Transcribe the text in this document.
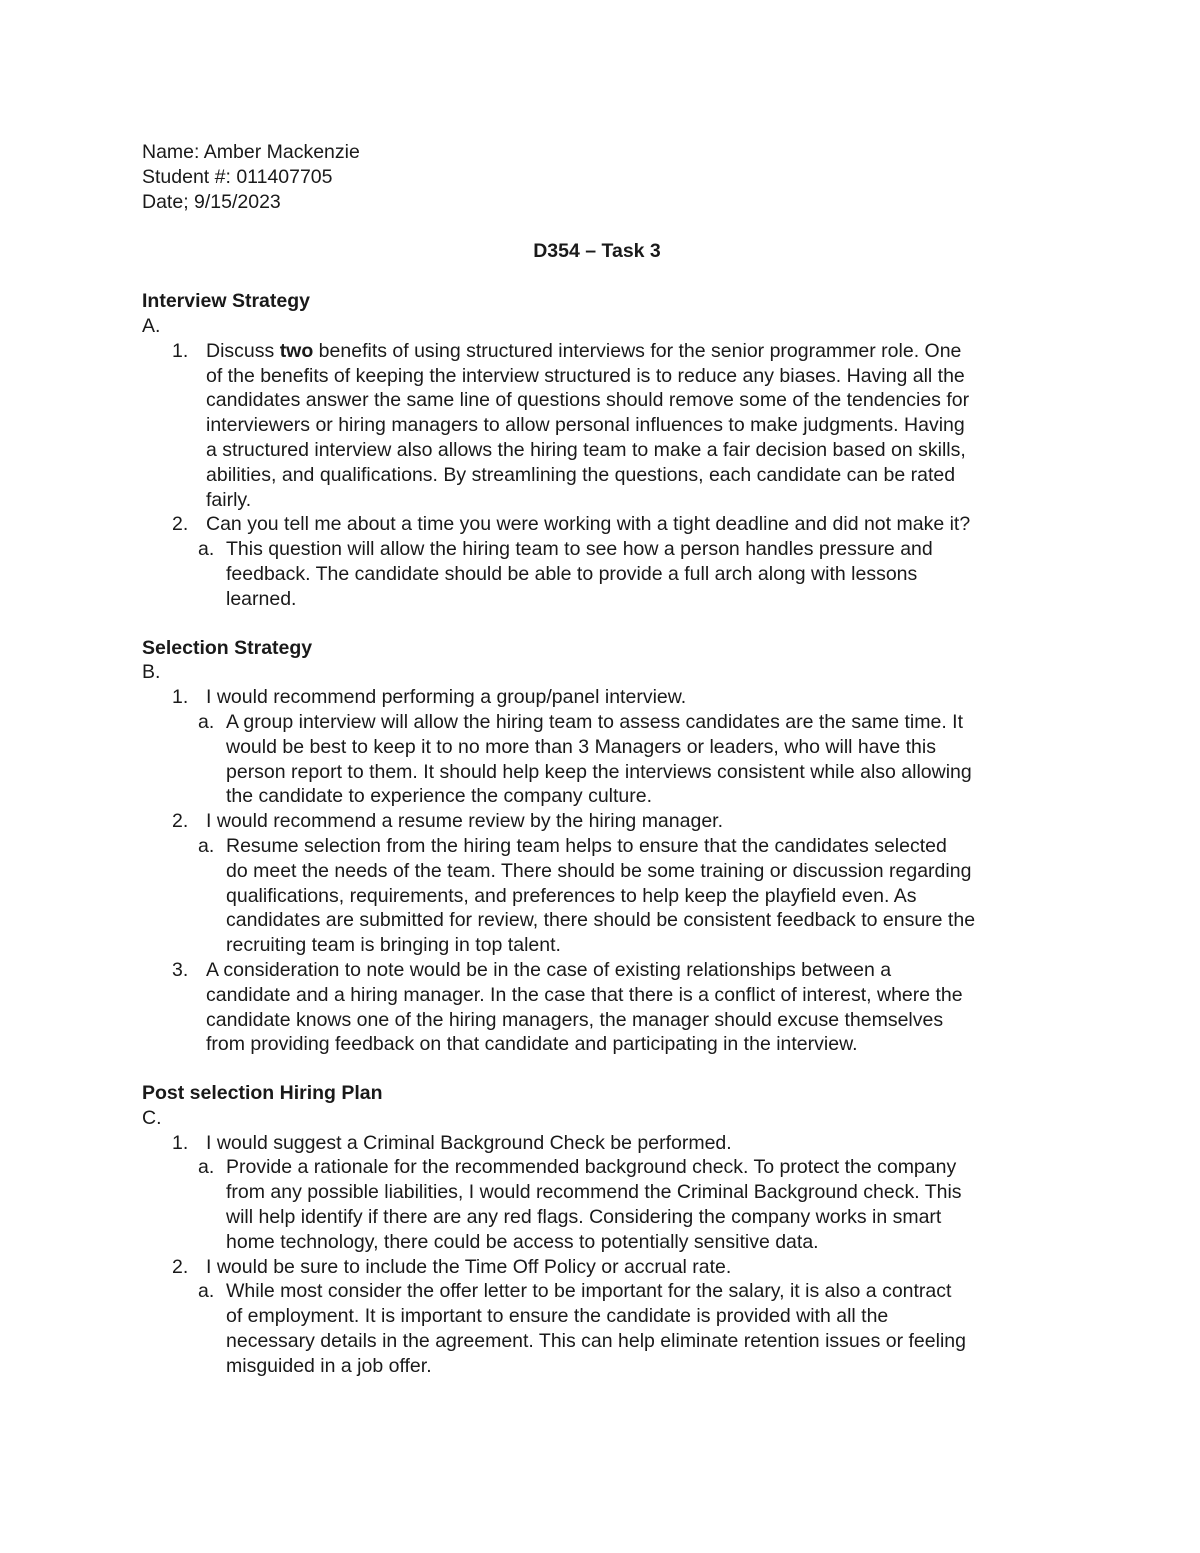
Name: Amber Mackenzie
Student #: 011407705
Date; 9/15/2023
D354 – Task 3
Interview Strategy
A.
1. Discuss two benefits of using structured interviews for the senior programmer role. One
of the benefits of keeping the interview structured is to reduce any biases. Having all the
candidates answer the same line of questions should remove some of the tendencies for
interviewers or hiring managers to allow personal influences to make judgments. Having
a structured interview also allows the hiring team to make a fair decision based on skills,
abilities, and qualifications. By streamlining the questions, each candidate can be rated
fairly.
2. Can you tell me about a time you were working with a tight deadline and did not make it?
a. This question will allow the hiring team to see how a person handles pressure and
feedback. The candidate should be able to provide a full arch along with lessons
learned.
Selection Strategy
B.
1. I would recommend performing a group/panel interview.
a. A group interview will allow the hiring team to assess candidates are the same time. It
would be best to keep it to no more than 3 Managers or leaders, who will have this
person report to them. It should help keep the interviews consistent while also allowing
the candidate to experience the company culture.
2. I would recommend a resume review by the hiring manager.
a. Resume selection from the hiring team helps to ensure that the candidates selected
do meet the needs of the team. There should be some training or discussion regarding
qualifications, requirements, and preferences to help keep the playfield even. As
candidates are submitted for review, there should be consistent feedback to ensure the
recruiting team is bringing in top talent.
3. A consideration to note would be in the case of existing relationships between a
candidate and a hiring manager. In the case that there is a conflict of interest, where the
candidate knows one of the hiring managers, the manager should excuse themselves
from providing feedback on that candidate and participating in the interview.
Post selection Hiring Plan
C.
1. I would suggest a Criminal Background Check be performed.
a. Provide a rationale for the recommended background check. To protect the company
from any possible liabilities, I would recommend the Criminal Background check. This
will help identify if there are any red flags. Considering the company works in smart
home technology, there could be access to potentially sensitive data.
2. I would be sure to include the Time Off Policy or accrual rate.
a. While most consider the offer letter to be important for the salary, it is also a contract
of employment. It is important to ensure the candidate is provided with all the
necessary details in the agreement. This can help eliminate retention issues or feeling
misguided in a job offer.
